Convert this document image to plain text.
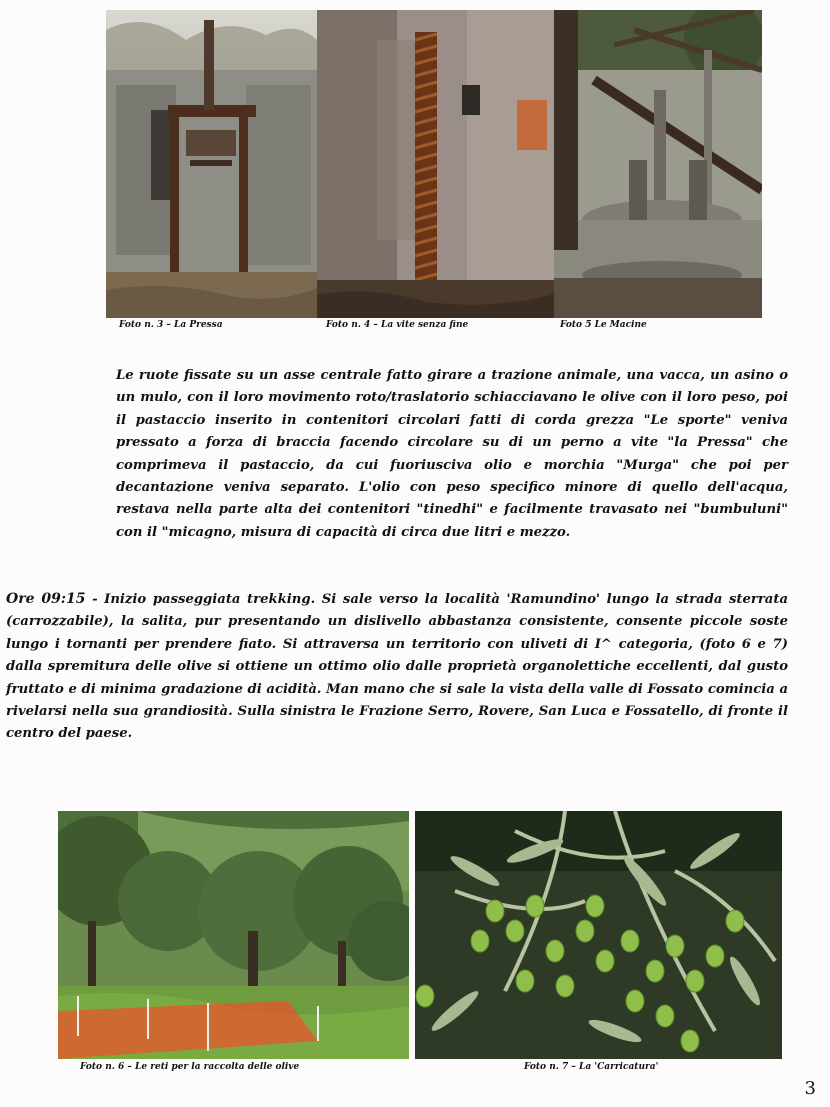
Foto n. 3 – La Pressa	Foto n. 4 – La vite senza fine	Foto 5 Le Macine

Le ruote fissate su un asse centrale fatto girare a trazione animale, una vacca, un asino o un mulo, con il loro movimento roto/traslatorio schiacciavano le olive con il loro peso, poi il pastaccio inserito in contenitori circolari fatti di corda grezza "Le sporte" veniva pressato a forza di braccia facendo circolare su di un perno a vite "la Pressa" che comprimeva il pastaccio, da cui fuoriusciva olio e morchia "Murga" che poi per decantazione veniva separato. L'olio con peso specifico minore di quello dell'acqua, restava nella parte alta dei contenitori "tinedhi" e facilmente travasato nei "bumbuluni" con il "micagno, misura di capacità di circa due litri e mezzo.

Ore 09:15 - Inizio passeggiata trekking. Si sale verso la località 'Ramundino' lungo la strada sterrata (carrozzabile), la salita, pur presentando un dislivello abbastanza consistente, consente piccole soste lungo i tornanti per prendere fiato. Si attraversa un territorio con uliveti di I^ categoria, (foto 6 e 7) dalla spremitura delle olive si ottiene un ottimo olio dalle proprietà organolettiche eccellenti, dal gusto fruttato e di minima gradazione di acidità. Man mano che si sale la vista della valle di Fossato comincia a rivelarsi nella sua grandiosità. Sulla sinistra le Frazione Serro, Rovere, San Luca e Fossatello, di fronte il centro del paese.

Foto n. 6 – Le reti per la raccolta delle olive	Foto n. 7 – La 'Carricatura'
3
